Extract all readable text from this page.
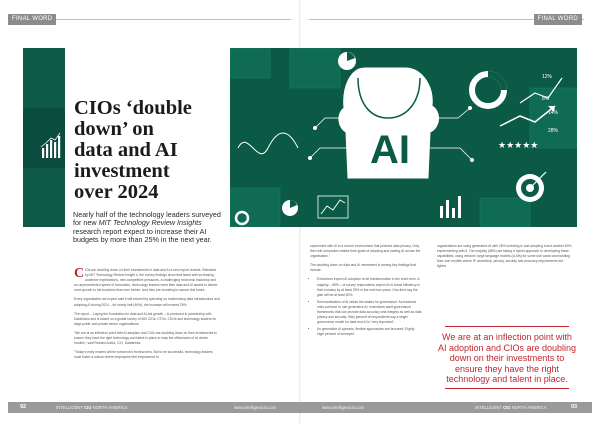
FINAL WORD	FINAL WORD
AI	★★★★★
12%
8%
14%
28%
CIOs ‘double
down’ on
data and AI
investment
over 2024
Nearly half of the technology leaders surveyed for new MIT Technology Review Insights research report expect to increase their AI budgets by more than 25% in the next year.

C IOs are doubling down on their investments in data and AI a new report reveals. Released by MIT Technology Review Insight s, the survey findings show that faced with increasing audience expectations, new competitive pressures, a challenging economic backdrop and an unprecedented speed of innovation, technology leaders need their data and AI assets to deliver more growth to the business than ever before. And they are investing to secure this future.

Every organisation we expect said it will exceed by spending on modernising data infrastructure and adopting AI during 2024 – for nearly half (46%), the increase will exceed 25%.

The report – Laying the foundation for data and AI-led growth – is produced in partnership with Databricks and is based on a global survey of 600 CIOs, CTOs, CDOs and technology leaders for large public and private sector organisations.

“We are at an inflection point with AI adoption and CIOs are doubling down on their investments to ensure they have the right technology and talent in place to reap the efficiencies of AI-driven models,” said Ramavi Aulick, CIO, Databricks.

“Today’s early movers will be tomorrow’s frontrunners. But to be successful, technology leaders must foster a culture where employees feel empowered to

experiment with AI in a secure environment that protects data privacy. Only then will companies realise their goals of adopting and scaling AI across the organisation.”

The doubling down on data and AI investment is among key findings that include:

• Executives expect AI adoption to be transformative in the short term. A majority – 85% – of survey respondents expect AI to boost efficiency in their industry by at least 25% in the next two years. One-third say the gain will be at least 50%.
• Democratisation of AI raises the stakes for governance. As business units continue to use generative AI, executives want governance frameworks that can provide data accuracy and integrity as well as data privacy and security. Sixty percent of respondents say a single governance model for data and AI is “very important”.
• As generative AI spreads, flexible approaches are favoured. Eighty-eight percent of surveyed

organisations are using generative AI with 28% investing in and adopting it and another 60% experimenting with it. The majority (58%) are taking a hybrid approach to developing these capabilities, using vendors’ large language models (LLMs) for some use cases and building their own models where IP ownership, privacy, security and accuracy requirements are tighter.

We are at an inflection point with AI adoption and CIOs are doubling down on their investments to ensure they have the right technology and talent in place.
92	INTELLIGENT CIO NORTH AMERICA	www.intelligentcio.com	www.intelligentcio.com	INTELLIGENT CIO NORTH AMERICA	93
